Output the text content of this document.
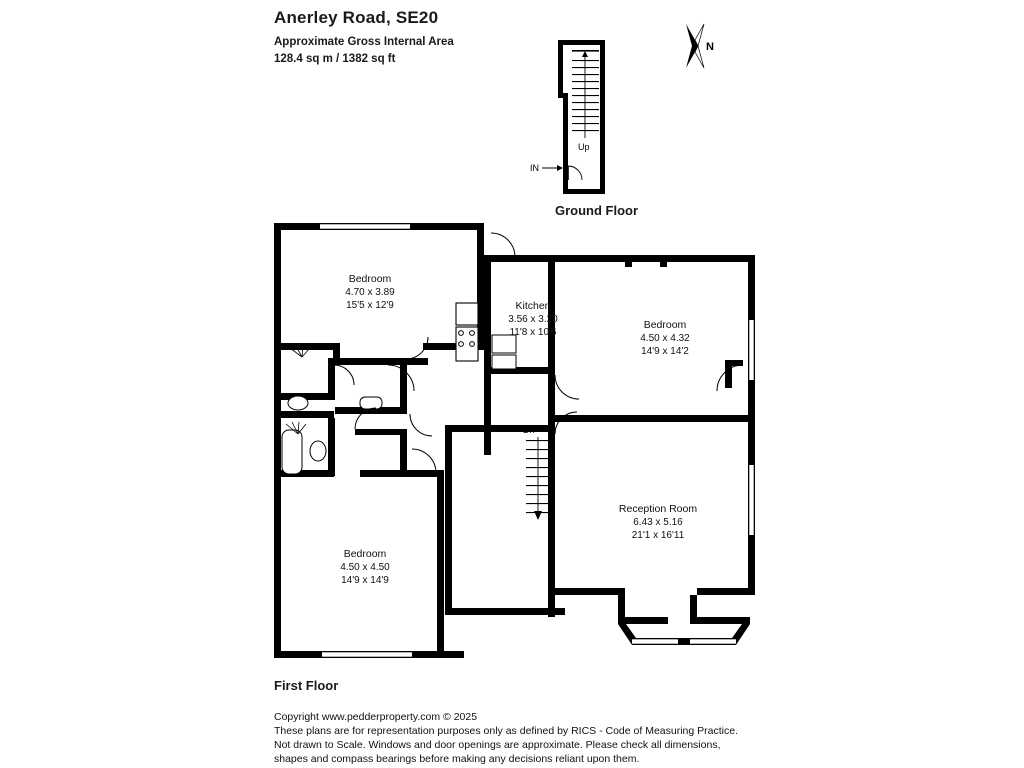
Anerley Road, SE20
Approximate Gross Internal Area
128.4 sq m / 1382 sq ft
N
Up
IN
Ground Floor
Dn
First Floor
Bedroom
4.70 x 3.89
15'5 x 12'9	Kitchen
3.56 x 3.20
11'8 x 10'6
Bedroom
4.50 x 4.32
14'9 x 14'2
Reception Room
6.43 x 5.16
21'1 x 16'11
Bedroom
4.50 x 4.50
14'9 x 14'9
Copyright www.pedderproperty.com © 2025
These plans are for representation purposes only as defined by RICS - Code of Measuring Practice.
Not drawn to Scale. Windows and door openings are approximate. Please check all dimensions,
shapes and compass bearings before making any decisions reliant upon them.
